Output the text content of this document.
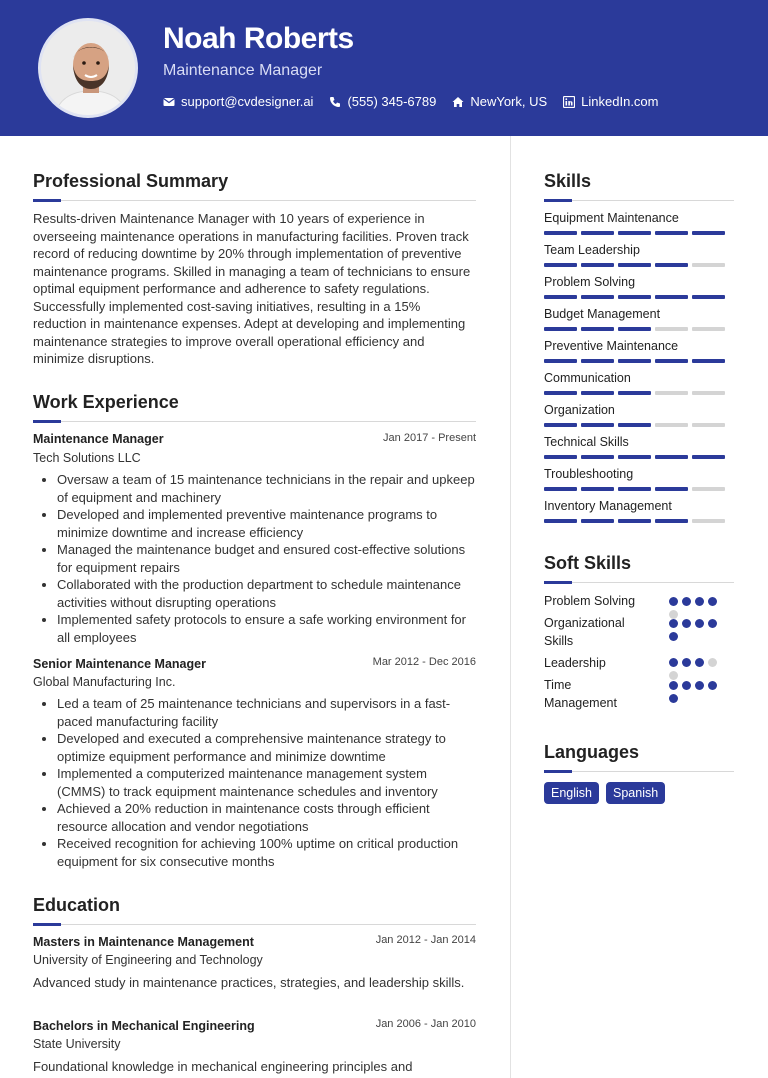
Noah Roberts
Maintenance Manager
support@cvdesigner.ai	(555) 345-6789	NewYork, US	LinkedIn.com
Professional Summary
Results-driven Maintenance Manager with 10 years of experience in overseeing maintenance operations in manufacturing facilities. Proven track record of reducing downtime by 20% through implementation of preventive maintenance programs. Skilled in managing a team of technicians to ensure optimal equipment performance and adherence to safety regulations. Successfully implemented cost-saving initiatives, resulting in a 15% reduction in maintenance expenses. Adept at developing and implementing maintenance strategies to improve overall operational efficiency and minimize disruptions.
Work Experience
Maintenance Manager	Jan 2017 - Present
Tech Solutions LLC
• Oversaw a team of 15 maintenance technicians in the repair and upkeep of equipment and machinery
• Developed and implemented preventive maintenance programs to minimize downtime and increase efficiency
• Managed the maintenance budget and ensured cost-effective solutions for equipment repairs
• Collaborated with the production department to schedule maintenance activities without disrupting operations
• Implemented safety protocols to ensure a safe working environment for all employees
Senior Maintenance Manager	Mar 2012 - Dec 2016
Global Manufacturing Inc.
• Led a team of 25 maintenance technicians and supervisors in a fast-paced manufacturing facility
• Developed and executed a comprehensive maintenance strategy to optimize equipment performance and minimize downtime
• Implemented a computerized maintenance management system (CMMS) to track equipment maintenance schedules and inventory
• Achieved a 20% reduction in maintenance costs through efficient resource allocation and vendor negotiations
• Received recognition for achieving 100% uptime on critical production equipment for six consecutive months
Education
Masters in Maintenance Management	Jan 2012 - Jan 2014
University of Engineering and Technology
Advanced study in maintenance practices, strategies, and leadership skills.
Bachelors in Mechanical Engineering	Jan 2006 - Jan 2010
State University
Foundational knowledge in mechanical engineering principles and
Skills
Equipment Maintenance
Team Leadership
Problem Solving
Budget Management
Preventive Maintenance
Communication
Organization
Technical Skills
Troubleshooting
Inventory Management
Soft Skills
Problem Solving
Organizational Skills
Leadership
Time Management
Languages
English	Spanish
